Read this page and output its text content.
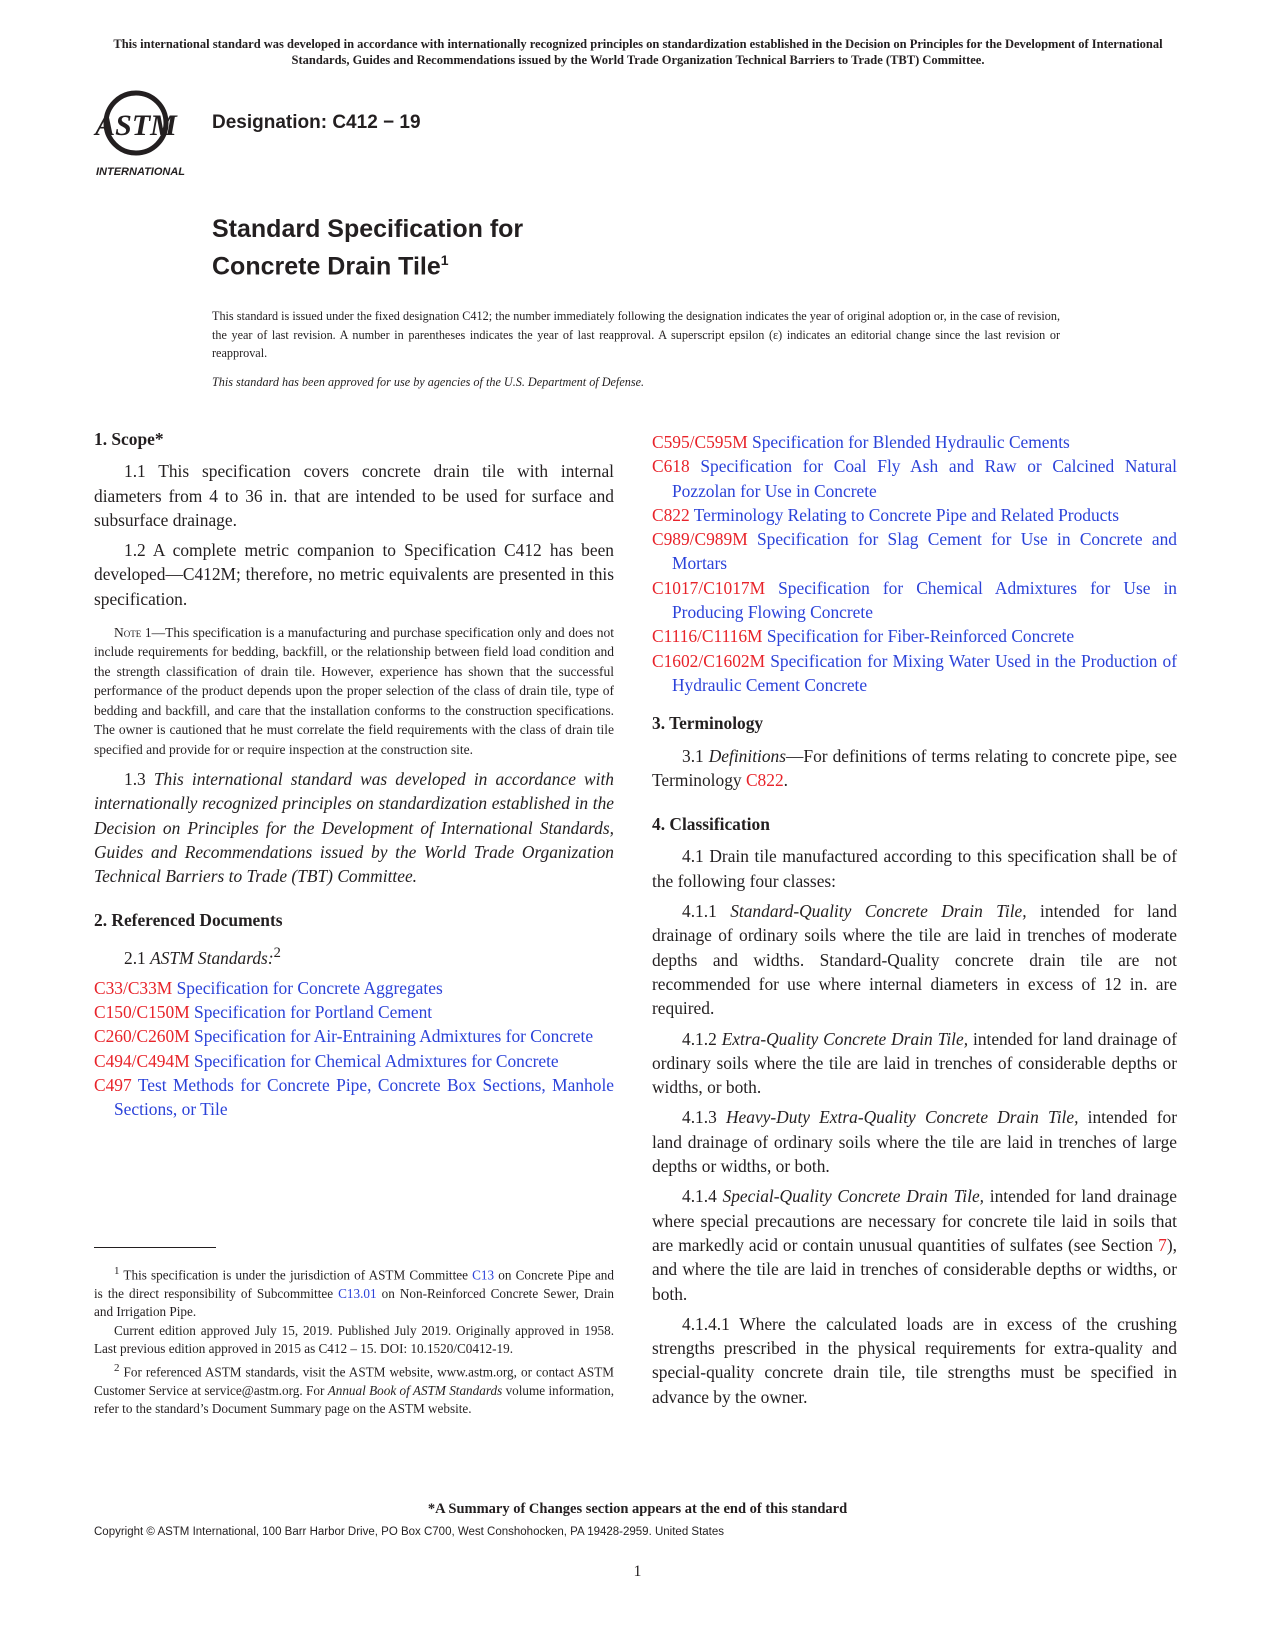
This international standard was developed in accordance with internationally recognized principles on standardization established in the Decision on Principles for the Development of International Standards, Guides and Recommendations issued by the World Trade Organization Technical Barriers to Trade (TBT) Committee.
ASTM
INTERNATIONAL
Designation: C412 − 19
Standard Specification for
Concrete Drain Tile$^1$
This standard is issued under the fixed designation C412; the number immediately following the designation indicates the year of original adoption or, in the case of revision, the year of last revision. A number in parentheses indicates the year of last reapproval. A superscript epsilon (ε) indicates an editorial change since the last revision or reapproval.
This standard has been approved for use by agencies of the U.S. Department of Defense.
1. Scope*
1.1 This specification covers concrete drain tile with internal diameters from 4 to 36 in. that are intended to be used for surface and subsurface drainage.
1.2 A complete metric companion to Specification C412 has been developed—C412M; therefore, no metric equivalents are presented in this specification.
Note 1—This specification is a manufacturing and purchase specification only and does not include requirements for bedding, backfill, or the relationship between field load condition and the strength classification of drain tile. However, experience has shown that the successful performance of the product depends upon the proper selection of the class of drain tile, type of bedding and backfill, and care that the installation conforms to the construction specifications. The owner is cautioned that he must correlate the field requirements with the class of drain tile specified and provide for or require inspection at the construction site.
1.3 This international standard was developed in accordance with internationally recognized principles on standardization established in the Decision on Principles for the Development of International Standards, Guides and Recommendations issued by the World Trade Organization Technical Barriers to Trade (TBT) Committee.
2. Referenced Documents
2.1 ASTM Standards:$^2$
C33/C33M Specification for Concrete Aggregates
C150/C150M Specification for Portland Cement
C260/C260M Specification for Air-Entraining Admixtures for Concrete
C494/C494M Specification for Chemical Admixtures for Concrete
C497 Test Methods for Concrete Pipe, Concrete Box Sections, Manhole Sections, or Tile
C595/C595M Specification for Blended Hydraulic Cements
C618 Specification for Coal Fly Ash and Raw or Calcined Natural Pozzolan for Use in Concrete
C822 Terminology Relating to Concrete Pipe and Related Products
C989/C989M Specification for Slag Cement for Use in Concrete and Mortars
C1017/C1017M Specification for Chemical Admixtures for Use in Producing Flowing Concrete
C1116/C1116M Specification for Fiber-Reinforced Concrete
C1602/C1602M Specification for Mixing Water Used in the Production of Hydraulic Cement Concrete
3. Terminology
3.1 Definitions—For definitions of terms relating to concrete pipe, see Terminology C822.
4. Classification
4.1 Drain tile manufactured according to this specification shall be of the following four classes:
4.1.1 Standard-Quality Concrete Drain Tile, intended for land drainage of ordinary soils where the tile are laid in trenches of moderate depths and widths. Standard-Quality concrete drain tile are not recommended for use where internal diameters in excess of 12 in. are required.
4.1.2 Extra-Quality Concrete Drain Tile, intended for land drainage of ordinary soils where the tile are laid in trenches of considerable depths or widths, or both.
4.1.3 Heavy-Duty Extra-Quality Concrete Drain Tile, intended for land drainage of ordinary soils where the tile are laid in trenches of large depths or widths, or both.
4.1.4 Special-Quality Concrete Drain Tile, intended for land drainage where special precautions are necessary for concrete tile laid in soils that are markedly acid or contain unusual quantities of sulfates (see Section 7), and where the tile are laid in trenches of considerable depths or widths, or both.
4.1.4.1 Where the calculated loads are in excess of the crushing strengths prescribed in the physical requirements for extra-quality and special-quality concrete drain tile, tile strengths must be specified in advance by the owner.
$^1$ This specification is under the jurisdiction of ASTM Committee C13 on Concrete Pipe and is the direct responsibility of Subcommittee C13.01 on Non-Reinforced Concrete Sewer, Drain and Irrigation Pipe.
Current edition approved July 15, 2019. Published July 2019. Originally approved in 1958. Last previous edition approved in 2015 as C412 – 15. DOI: 10.1520/C0412-19.
$^2$ For referenced ASTM standards, visit the ASTM website, www.astm.org, or contact ASTM Customer Service at service@astm.org. For Annual Book of ASTM Standards volume information, refer to the standard’s Document Summary page on the ASTM website.
*A Summary of Changes section appears at the end of this standard
Copyright © ASTM International, 100 Barr Harbor Drive, PO Box C700, West Conshohocken, PA 19428-2959. United States
1
